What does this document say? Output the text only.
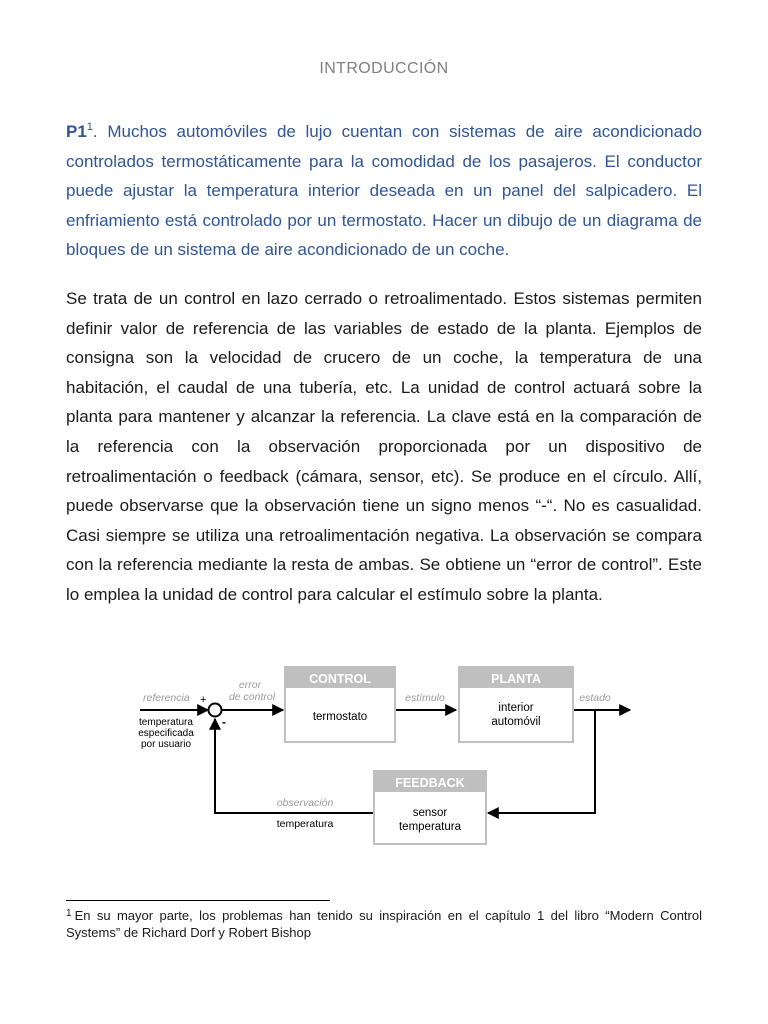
INTRODUCCIÓN

$P1^1$. Muchos automóviles de lujo cuentan con sistemas de aire acondicionado controlados termostáticamente para la comodidad de los pasajeros. El conductor puede ajustar la temperatura interior deseada en un panel del salpicadero. El enfriamiento está controlado por un termostato. Hacer un dibujo de un diagrama de bloques de un sistema de aire acondicionado de un coche.

Se trata de un control en lazo cerrado o retroalimentado. Estos sistemas permiten definir valor de referencia de las variables de estado de la planta. Ejemplos de consigna son la velocidad de crucero de un coche, la temperatura de una habitación, el caudal de una tubería, etc. La unidad de control actuará sobre la planta para mantener y alcanzar la referencia. La clave está en la comparación de la referencia con la observación proporcionada por un dispositivo de retroalimentación o feedback (cámara, sensor, etc). Se produce en el círculo. Allí, puede observarse que la observación tiene un signo menos “-“. No es casualidad. Casi siempre se utiliza una retroalimentación negativa. La observación se compara con la referencia mediante la resta de ambas. Se obtiene un “error de control”. Este lo emplea la unidad de control para calcular el estímulo sobre la planta.

CONTROL
termostato
PLANTA
interior
automóvil
FEEDBACK
sensor
temperatura
referencia +
-
temperatura
especificada
por usuario
error
de control	estímulo	estado
observación
temperatura

$^1$ En su mayor parte, los problemas han tenido su inspiración en el capítulo 1 del libro “Modern Control Systems” de Richard Dorf y Robert Bishop
